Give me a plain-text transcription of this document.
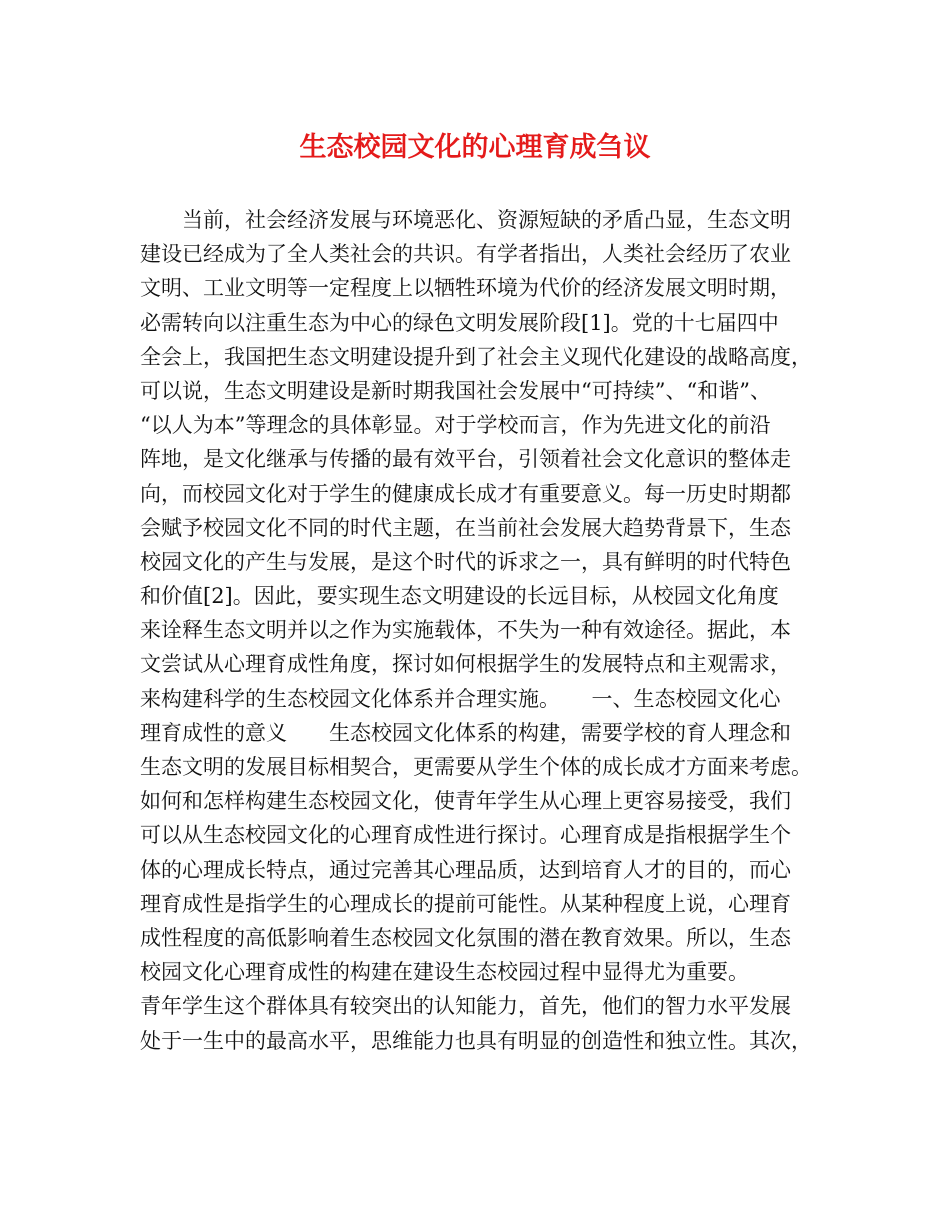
生态校园文化的心理育成刍议
当前，社会经济发展与环境恶化、资源短缺的矛盾凸显，生态文明
建设已经成为了全人类社会的共识。有学者指出，人类社会经历了农业
文明、工业文明等一定程度上以牺牲环境为代价的经济发展文明时期，
必需转向以注重生态为中心的绿色文明发展阶段[1]。党的十七届四中
全会上，我国把生态文明建设提升到了社会主义现代化建设的战略高度，
可以说，生态文明建设是新时期我国社会发展中“可持续”、“和谐”、
“以人为本”等理念的具体彰显。对于学校而言，作为先进文化的前沿
阵地，是文化继承与传播的最有效平台，引领着社会文化意识的整体走
向，而校园文化对于学生的健康成长成才有重要意义。每一历史时期都
会赋予校园文化不同的时代主题，在当前社会发展大趋势背景下，生态
校园文化的产生与发展，是这个时代的诉求之一，具有鲜明的时代特色
和价值[2]。因此，要实现生态文明建设的长远目标，从校园文化角度
来诠释生态文明并以之作为实施载体，不失为一种有效途径。据此，本
文尝试从心理育成性角度，探讨如何根据学生的发展特点和主观需求，
来构建科学的生态校园文化体系并合理实施。　　一、生态校园文化心
理育成性的意义　　生态校园文化体系的构建，需要学校的育人理念和
生态文明的发展目标相契合，更需要从学生个体的成长成才方面来考虑。
如何和怎样构建生态校园文化，使青年学生从心理上更容易接受，我们
可以从生态校园文化的心理育成性进行探讨。心理育成是指根据学生个
体的心理成长特点，通过完善其心理品质，达到培育人才的目的，而心
理育成性是指学生的心理成长的提前可能性。从某种程度上说，心理育
成性程度的高低影响着生态校园文化氛围的潜在教育效果。所以，生态
校园文化心理育成性的构建在建设生态校园过程中显得尤为重要。
青年学生这个群体具有较突出的认知能力，首先，他们的智力水平发展
处于一生中的最高水平，思维能力也具有明显的创造性和独立性。其次，
